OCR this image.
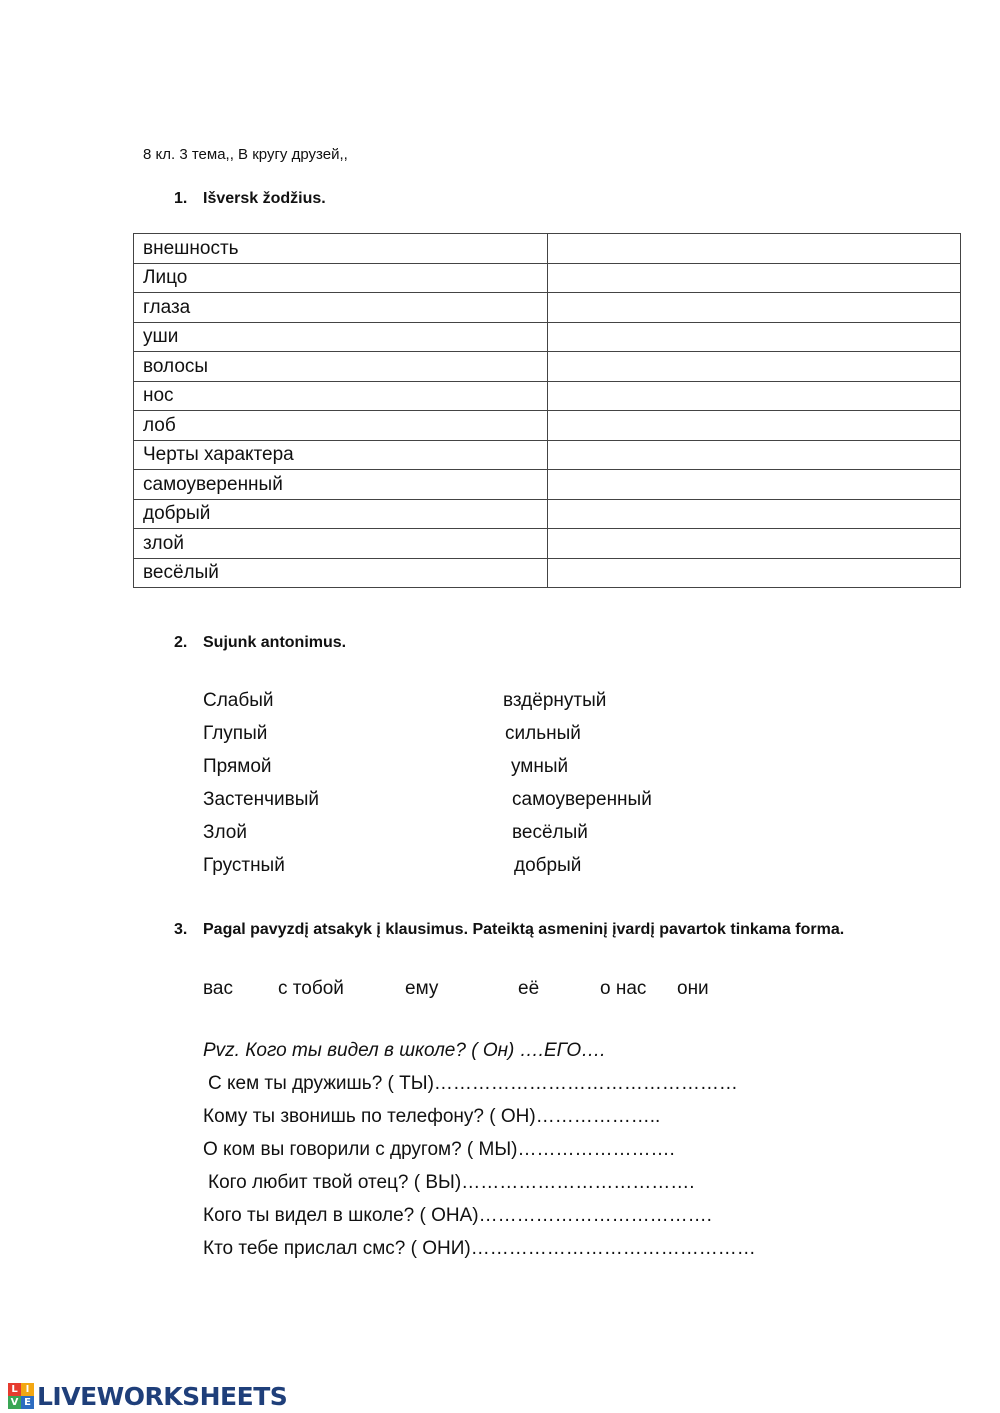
8 кл. 3 тема,, В кругу друзей,,
1. Išversk žodžius.
внешность	
Лицо	
глаза	
уши	
волосы	
нос	
лоб	
Черты характера	
самоуверенный	
добрый	
злой	
весёлый	
2. Sujunk antonimus.
Слабый	вздёрнутый
Глупый	сильный
Прямой	умный
Застенчивый	самоуверенный
Злой	весёлый
Грустный	добрый
3. Pagal pavyzdį atsakyk į klausimus. Pateiktą asmeninį įvardį pavartok tinkama forma.
вас с тобой	ему	её	о нас они
Pvz. Кого ты видел в школе? ( Он) ….ЕГО….
С кем ты дружишь? ( ТЫ)…………………………………………
Кому ты звонишь по телефону? ( ОН)………………..
О ком вы говорили с другом? ( МЫ)…………………….
Кого любит твой отец? ( ВЫ)……………………………….
Кого ты видел в школе? ( ОНА)……………………………….
Кто тебе прислал смс? ( ОНИ)………………………………………
L I
V E LIVEWORKSHEETS
